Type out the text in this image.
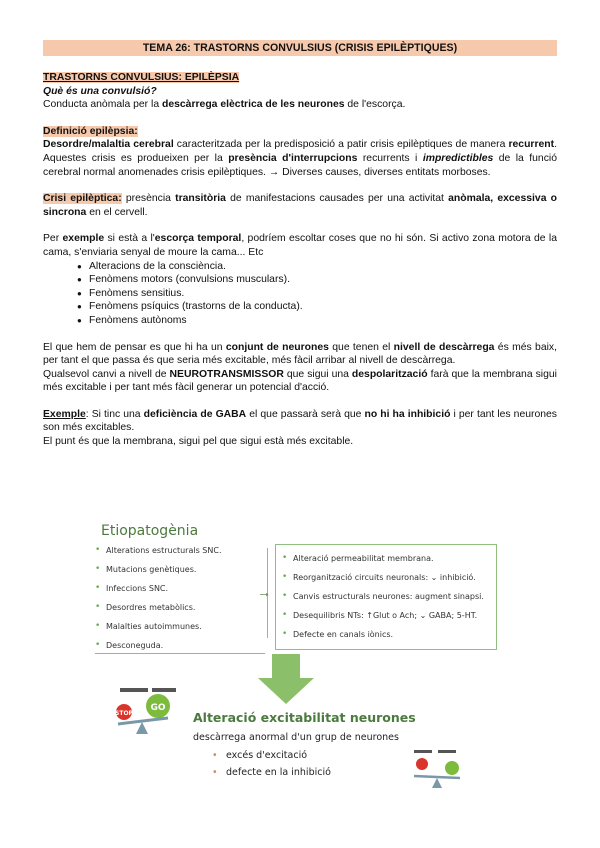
TEMA 26: TRASTORNS CONVULSIUS (CRISIS EPILÈPTIQUES)

TRASTORNS CONVULSIUS: EPILÈPSIA

Què és una convulsió?

Conducta anòmala per la descàrrega elèctrica de les neurones de l'escorça.

Definició epilèpsia:

Desordre/malaltia cerebral caracteritzada per la predisposició a patir crisis epilèptiques de manera recurrent. Aquestes crisis es produeixen per la presència d'interrupcions recurrents i impredictibles de la funció cerebral normal anomenades crisis epilèptiques. → Diverses causes, diverses entitats morboses.

Crisi epilèptica: presència transitòria de manifestacions causades per una activitat anòmala, excessiva o sincrona en el cervell.

Per exemple si està a l'escorça temporal, podríem escoltar coses que no hi són. Si activo zona motora de la cama, s'enviaria senyal de moure la cama... Etc

● Alteracions de la consciència.
● Fenòmens motors (convulsions musculars).
● Fenòmens sensitius.
● Fenòmens psíquics (trastorns de la conducta).
● Fenòmens autònoms

El que hem de pensar es que hi ha un conjunt de neurones que tenen el nivell de descàrrega és més baix, per tant el que passa és que seria més excitable, més fàcil arribar al nivell de descàrrega.

Qualsevol canvi a nivell de NEUROTRANSMISSOR que sigui una despolarització farà que la membrana sigui més excitable i per tant més fàcil generar un potencial d'acció.

Exemple: Si tinc una deficiència de GABA el que passarà serà que no hi ha inhibició i per tant les neurones son més excitables.

El punt és que la membrana, sigui pel que sigui està més excitable.

Etiopatogènia
• Alterations estructurals SNC.
• Mutacions genètiques.
• Infeccions SNC.
• Desordres metabòlics.
• Malalties autoimmunes.
• Desconeguda.
→
• Alteració permeabilitat membrana.
• Reorganització circuits neuronals: ⌄ inhibició.
• Canvis estructurals neurones: augment sinapsi.
• Desequilibris NTs: ↑Glut o Ach; ⌄ GABA; 5-HT.
• Defecte en canals iònics.
STOP
GO
Alteració excitabilitat neurones
descàrrega anormal d'un grup de neurones
• excés d'excitació
• defecte en la inhibició
